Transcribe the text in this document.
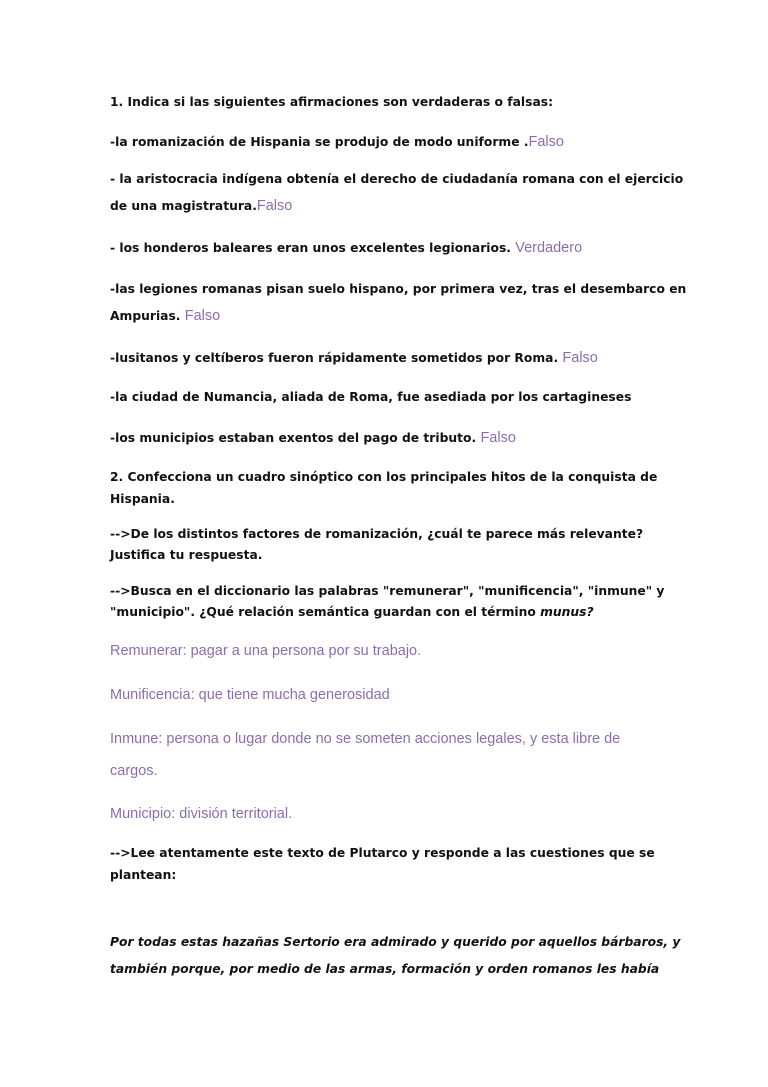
1. Indica si las siguientes afirmaciones son verdaderas o falsas:

-la romanización de Hispania se produjo de modo uniforme .Falso

- la aristocracia indígena obtenía el derecho de ciudadanía romana con el ejercicio

de una magistratura.Falso

- los honderos baleares eran unos excelentes legionarios. Verdadero

-las legiones romanas pisan suelo hispano, por primera vez, tras el desembarco en

Ampurias. Falso

-lusitanos y celtíberos fueron rápidamente sometidos por Roma. Falso

-la ciudad de Numancia, aliada de Roma, fue asediada por los cartagineses

-los municipios estaban exentos del pago de tributo. Falso

2. Confecciona un cuadro sinóptico con los principales hitos de la conquista de

Hispania.

-->De los distintos factores de romanización, ¿cuál te parece más relevante?

Justifica tu respuesta.

-->Busca en el diccionario las palabras "remunerar", "munificencia", "inmune" y

"municipio". ¿Qué relación semántica guardan con el término munus?

Remunerar: pagar a una persona por su trabajo.

Munificencia: que tiene mucha generosidad

Inmune: persona o lugar donde no se someten acciones legales, y esta libre de

cargos.

Municipio: división territorial.

-->Lee atentamente este texto de Plutarco y responde a las cuestiones que se

plantean:

Por todas estas hazañas Sertorio era admirado y querido por aquellos bárbaros, y

también porque, por medio de las armas, formación y orden romanos les había
